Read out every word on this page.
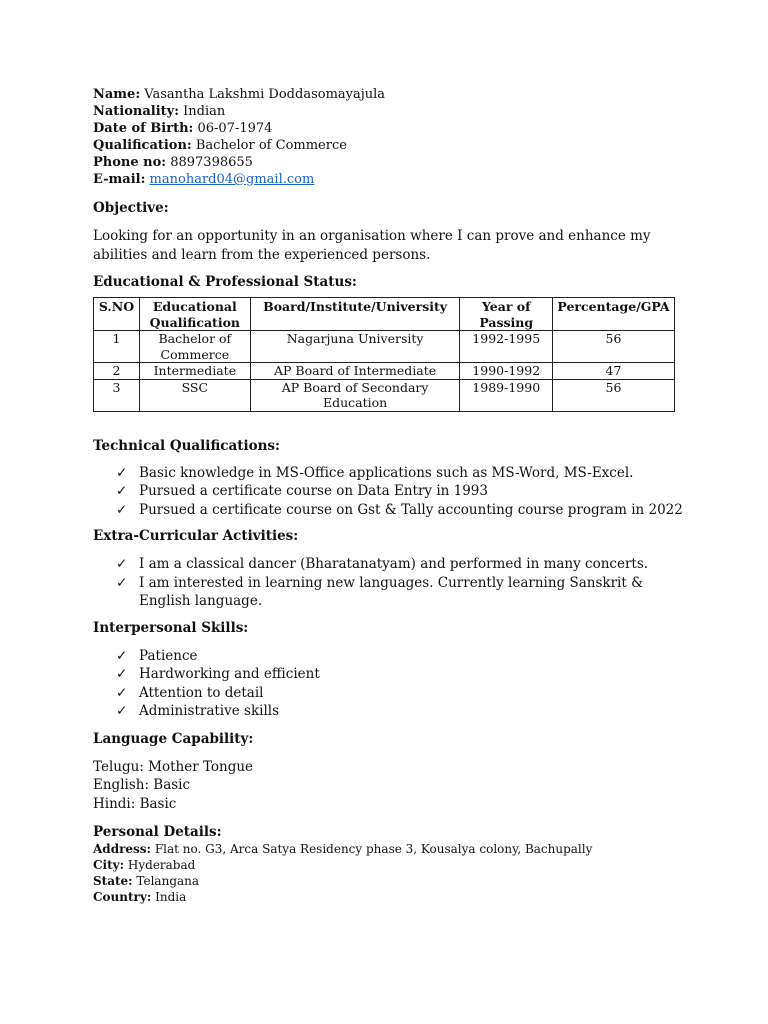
Name: Vasantha Lakshmi Doddasomayajula
Nationality: Indian
Date of Birth: 06-07-1974
Qualification: Bachelor of Commerce
Phone no: 8897398655
E-mail: manohard04@gmail.com
Objective:

Looking for an opportunity in an organisation where I can prove and enhance my abilities and learn from the experienced persons.

Educational & Professional Status:
S.NO	Educational Qualification	Board/Institute/University	Year of Passing	Percentage/GPA
1	Bachelor of Commerce	Nagarjuna University	1992-1995	56
2	Intermediate	AP Board of Intermediate	1990-1992	47
3	SSC	AP Board of Secondary Education	1989-1990	56
Technical Qualifications:
✓ Basic knowledge in MS-Office applications such as MS-Word, MS-Excel.
✓ Pursued a certificate course on Data Entry in 1993
✓ Pursued a certificate course on Gst & Tally accounting course program in 2022
Extra-Curricular Activities:
✓ I am a classical dancer (Bharatanatyam) and performed in many concerts.
✓ I am interested in learning new languages. Currently learning Sanskrit & English language.
Interpersonal Skills:
✓ Patience
✓ Hardworking and efficient
✓ Attention to detail
✓ Administrative skills
Language Capability:

Telugu: Mother Tongue

English: Basic

Hindi: Basic

Personal Details:
Address: Flat no. G3, Arca Satya Residency phase 3, Kousalya colony, Bachupally
City: Hyderabad
State: Telangana
Country: India
